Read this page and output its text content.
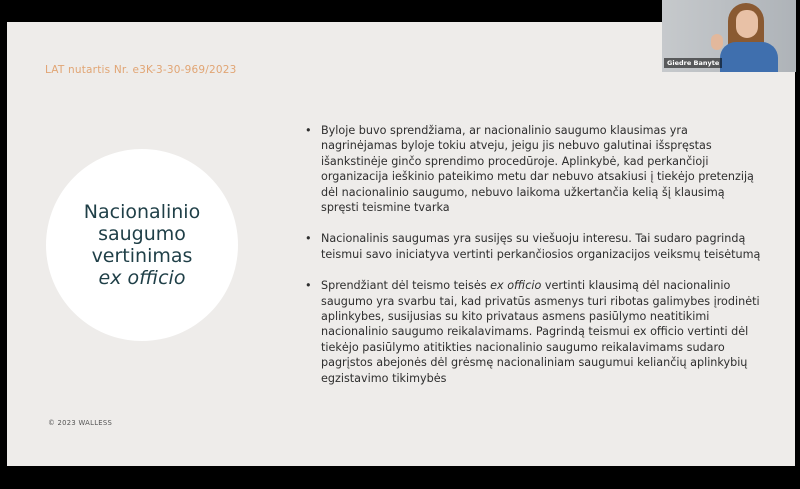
LAT nutartis Nr. e3K-3-30-969/2023
Nacionalinio
saugumo
vertinimas
ex officio
• Byloje buvo sprendžiama, ar nacionalinio saugumo klausimas yra nagrinėjamas byloje tokiu atveju, jeigu jis nebuvo galutinai išspręstas išankstinėje ginčo sprendimo procedūroje. Aplinkybė, kad perkančioji organizacija ieškinio pateikimo metu dar nebuvo atsakiusi į tiekėjo pretenziją dėl nacionalinio saugumo, nebuvo laikoma užkertančia kelią šį klausimą spręsti teismine tvarka
• Nacionalinis saugumas yra susijęs su viešuoju interesu. Tai sudaro pagrindą teismui savo iniciatyva vertinti perkančiosios organizacijos veiksmų teisėtumą
• Sprendžiant dėl teismo teisės ex officio vertinti klausimą dėl nacionalinio saugumo yra svarbu tai, kad privatūs asmenys turi ribotas galimybes įrodinėti aplinkybes, susijusias su kito privataus asmens pasiūlymo neatitikimi nacionalinio saugumo reikalavimams. Pagrindą teismui ex officio vertinti dėl tiekėjo pasiūlymo atitikties nacionalinio saugumo reikalavimams sudaro pagrįstos abejonės dėl grėsmę nacionaliniam saugumui keliančių aplinkybių egzistavimo tikimybės
© 2023 WALLESS
Giedre Banyte
